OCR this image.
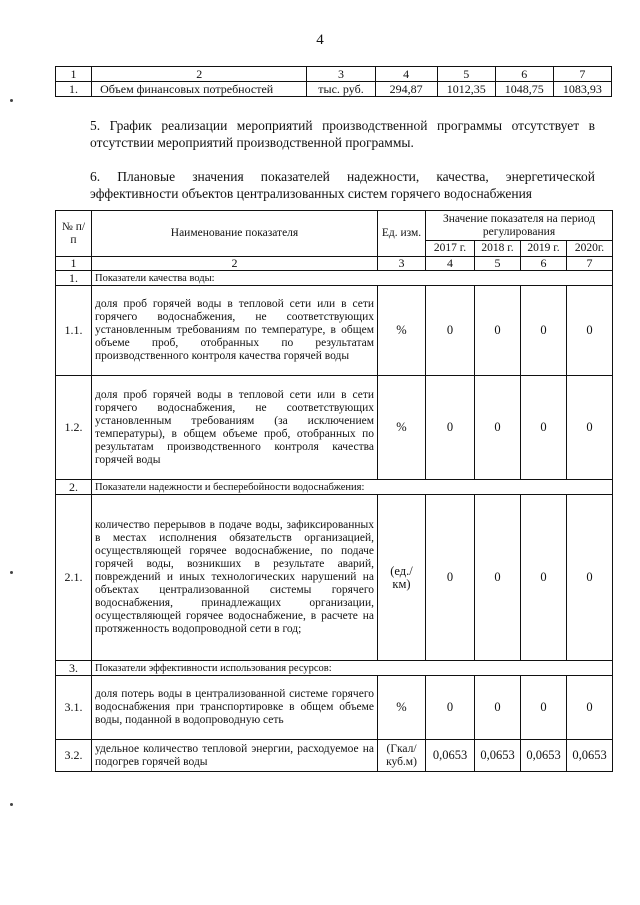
4
1	2	3	4	5	6	7
1.	Объем финансовых потребностей	тыс. руб.	294,87	1012,35	1048,75	1083,93
5. График реализации мероприятий производственной программы отсутствует в отсутствии мероприятий производственной программы.
6. Плановые значения показателей надежности, качества, энергетической эффективности объектов централизованных систем горячего водоснабжения
№ п/п	Наименование показателя	Ед. изм.	Значение показателя на период регулирования			
			2017 г.	2018 г.	2019 г.	2020г.
1	2	3	4	5	6	7
1.	Показатели качества воды:					
1.1.	доля проб горячей воды в тепловой сети или в сети горячего водоснабжения, не соответствующих установленным требованиям по температуре, в общем объеме проб, отобранных по результатам производственного контроля качества горячей воды	%	0	0	0	0
1.2.	доля проб горячей воды в тепловой сети или в сети горячего водоснабжения, не соответствующих установленным требованиям (за исключением температуры), в общем объеме проб, отобранных по результатам производственного контроля качества горячей воды	%	0	0	0	0
2.	Показатели надежности и бесперебойности водоснабжения:					
2.1.	количество перерывов в подаче воды, зафиксированных в местах исполнения обязательств организацией, осуществляющей горячее водоснабжение, по подаче горячей воды, возникших в результате аварий, повреждений и иных технологических нарушений на объектах централизованной системы горячего водоснабжения, принадлежащих организации, осуществляющей горячее водоснабжение, в расчете на протяженность водопроводной сети в год;	(ед./ км)	0	0	0	0
3.	Показатели эффективности использования ресурсов:					
3.1.	доля потерь воды в централизованной системе горячего водоснабжения при транспортировке в общем объеме воды, поданной в водопроводную сеть	%	0	0	0	0
3.2.	удельное количество тепловой энергии, расходуемое на подогрев горячей воды	(Гкал/ куб.м)	0,0653	0,0653	0,0653	0,0653
